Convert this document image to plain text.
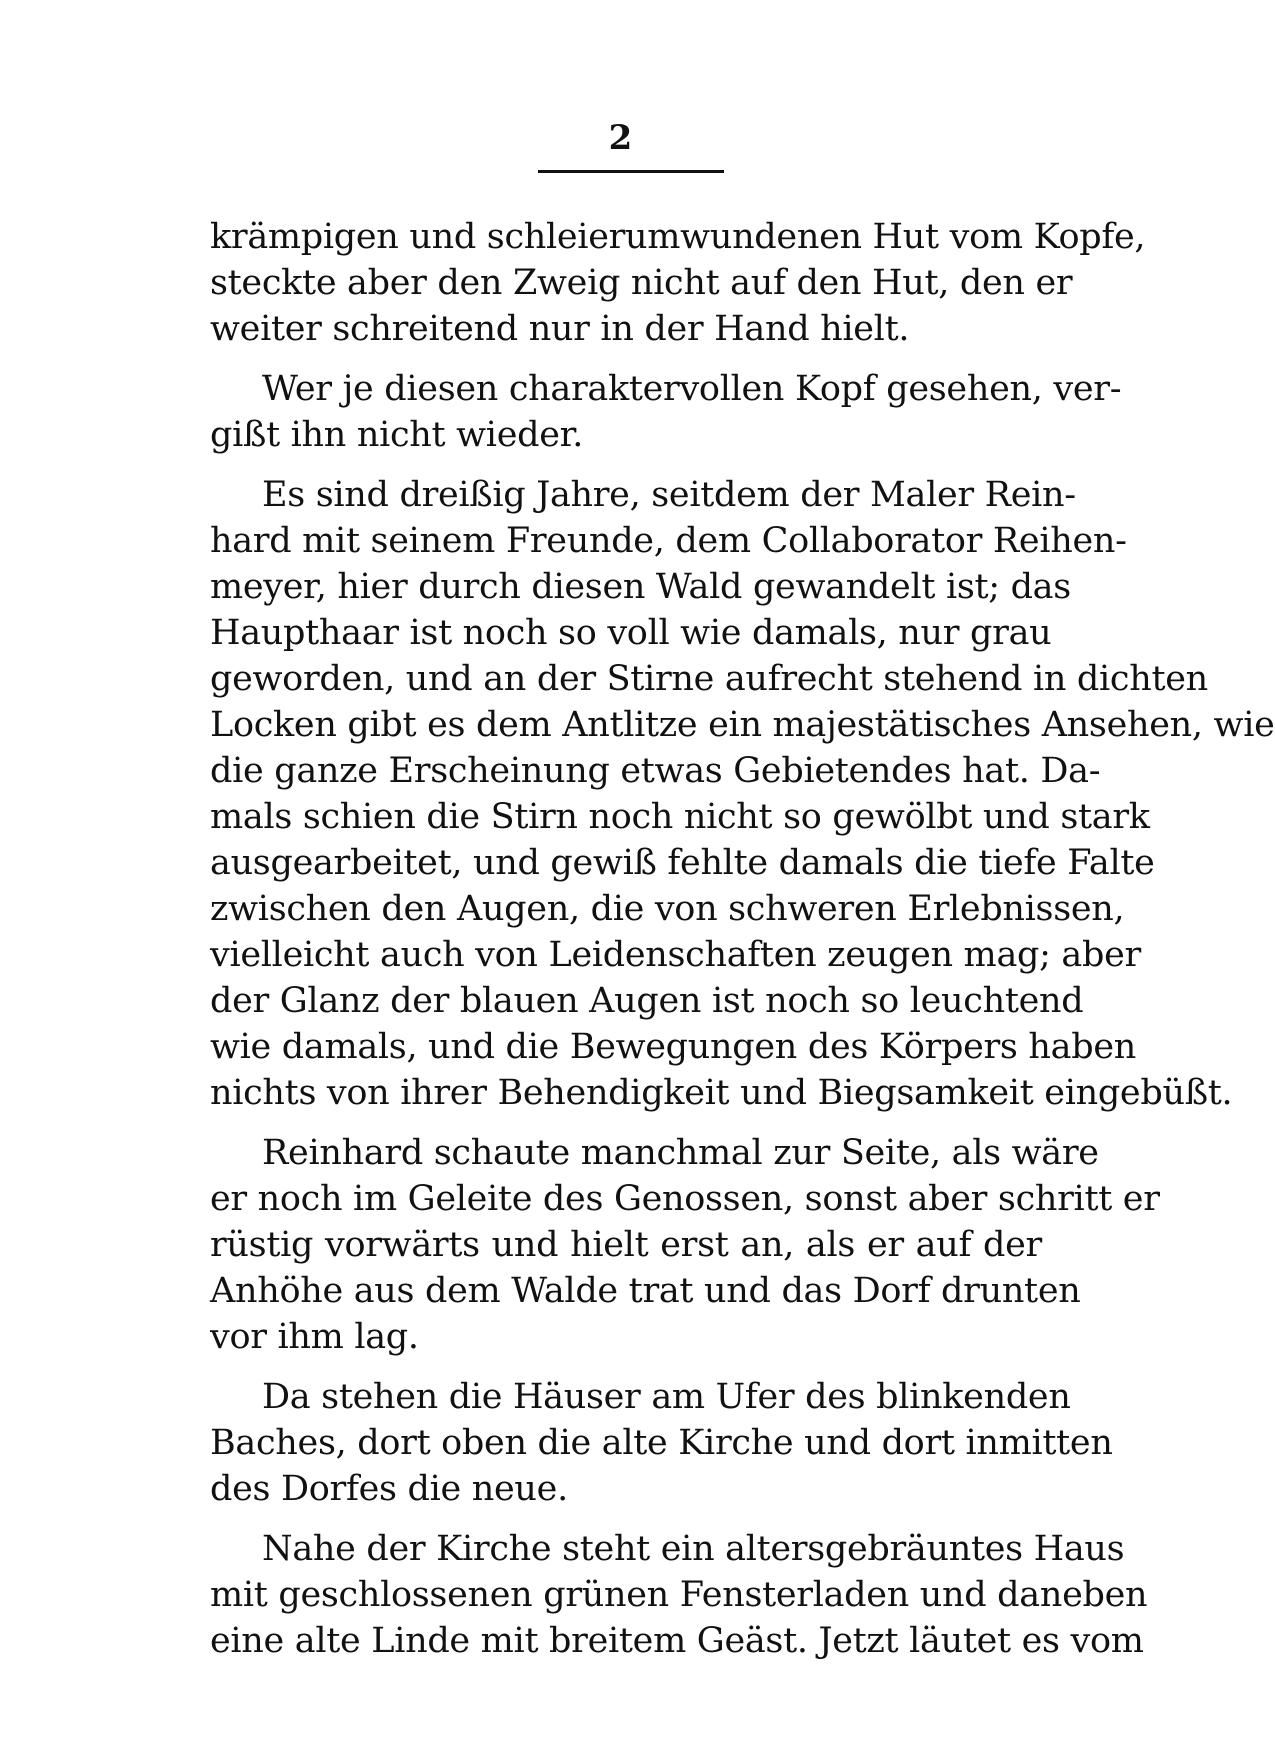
2
krämpigen und schleierumwundenen Hut vom Kopfe,
steckte aber den Zweig nicht auf den Hut, den er
weiter schreitend nur in der Hand hielt.
Wer je diesen charaktervollen Kopf gesehen, ver-
gißt ihn nicht wieder.
Es sind dreißig Jahre, seitdem der Maler Rein-
hard mit seinem Freunde, dem Collaborator Reihen-
meyer, hier durch diesen Wald gewandelt ist; das
Haupthaar ist noch so voll wie damals, nur grau
geworden, und an der Stirne aufrecht stehend in dichten
Locken gibt es dem Antlitze ein majestätisches Ansehen, wie
die ganze Erscheinung etwas Gebietendes hat. Da-
mals schien die Stirn noch nicht so gewölbt und stark
ausgearbeitet, und gewiß fehlte damals die tiefe Falte
zwischen den Augen, die von schweren Erlebnissen,
vielleicht auch von Leidenschaften zeugen mag; aber
der Glanz der blauen Augen ist noch so leuchtend
wie damals, und die Bewegungen des Körpers haben
nichts von ihrer Behendigkeit und Biegsamkeit eingebüßt.
Reinhard schaute manchmal zur Seite, als wäre
er noch im Geleite des Genossen, sonst aber schritt er
rüstig vorwärts und hielt erst an, als er auf der
Anhöhe aus dem Walde trat und das Dorf drunten
vor ihm lag.
Da stehen die Häuser am Ufer des blinkenden
Baches, dort oben die alte Kirche und dort inmitten
des Dorfes die neue.
Nahe der Kirche steht ein altersgebräuntes Haus
mit geschlossenen grünen Fensterladen und daneben
eine alte Linde mit breitem Geäst. Jetzt läutet es vom
